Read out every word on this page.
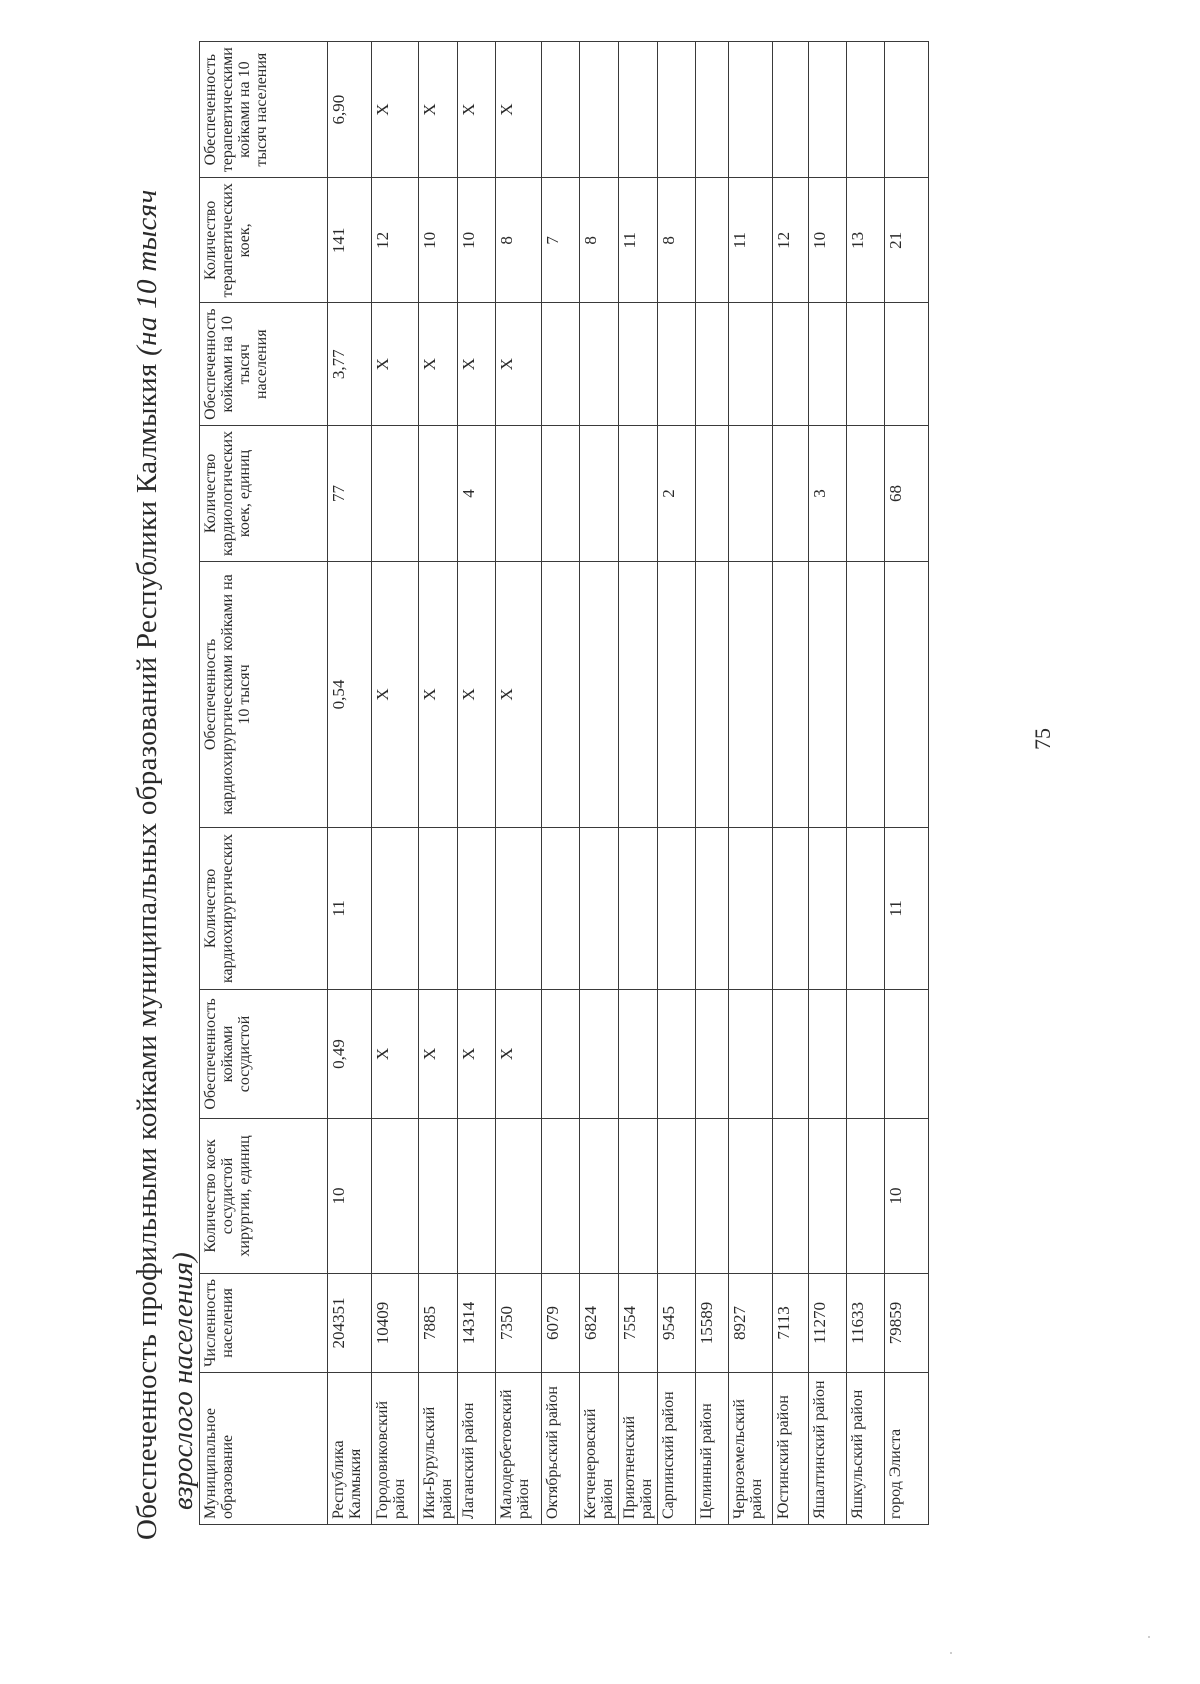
Обеспеченность профильными койками муниципальных образований Республики Калмыкия (на 10 тысяч
взрослого населения) Муниципальное образование	Численность населения	Количество коек сосудистой хирургии, единиц	Обеспеченность койками сосудистой	Количество кардиохирургических	Обеспеченность кардиохирургическими койками на 10 тысяч	Количество кардиологических коек, единиц	Обеспеченность койками на 10 тысяч населения	Количество терапевтических коек,	Обеспеченность терапевтическими койками на 10 тысяч населения
Республика Калмыкия	204351	10	0,49	11	0,54	77	3,77	141	6,90
Городовиковский район	10409		X		X		X	12	X
Ики-Бурульский район	7885		X		X		X	10	X
Лаганский район	14314		X		X	4	X	10	X
Малодербетовский район	7350		X		X		X	8	X
Октябрьский район	6079							7	
Кетченеровский район	6824							8	
Приютненский район	7554							11	
Сарпинский район	9545					2		8	
Целинный район	15589								
Черноземельский район	8927							11	
Юстинский район	7113							12	
Яшалтинский район	11270					3		10	
Яшкульский район	11633							13	
город Элиста	79859	10		11		68		21	
75
